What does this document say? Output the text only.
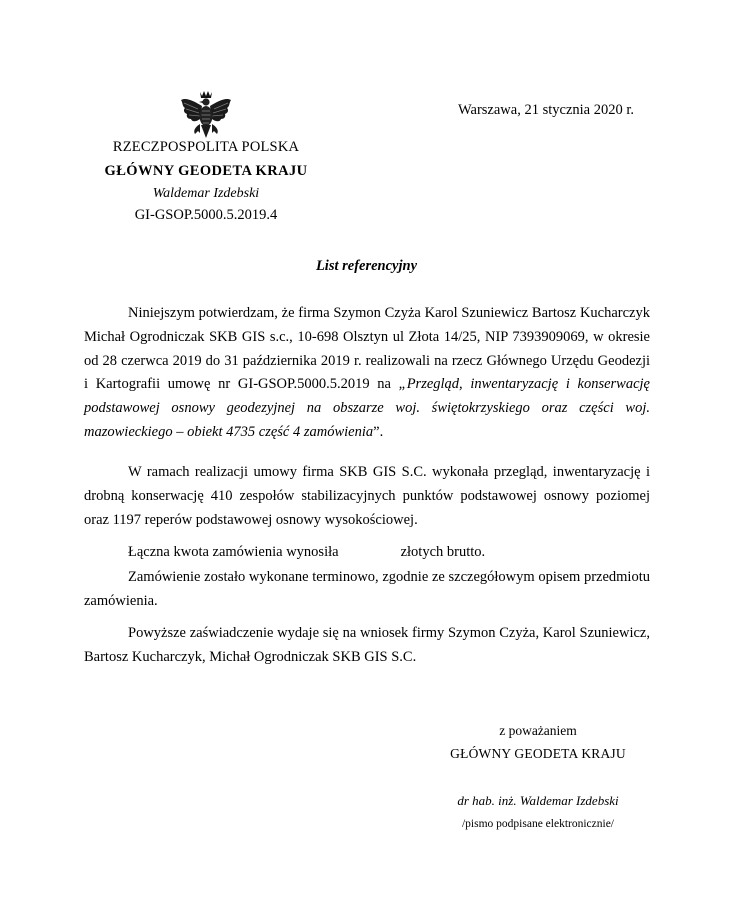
Warszawa, 21 stycznia 2020 r.
RZECZPOSPOLITA POLSKA
GŁÓWNY GEODETA KRAJU
Waldemar Izdebski
GI-GSOP.5000.5.2019.4
List referencyjny

Niniejszym potwierdzam, że firma Szymon Czyża Karol Szuniewicz Bartosz Kucharczyk Michał Ogrodniczak SKB GIS s.c., 10-698 Olsztyn ul Złota 14/25, NIP 7393909069, w okresie od 28 czerwca 2019 do 31 października 2019 r. realizowali na rzecz Głównego Urzędu Geodezji i Kartografii umowę nr GI-GSOP.5000.5.2019 na „Przegląd, inwentaryzację i konserwację podstawowej osnowy geodezyjnej na obszarze woj. świętokrzyskiego oraz części woj. mazowieckiego – obiekt 4735 część 4 zamówienia”.

W ramach realizacji umowy firma SKB GIS S.C. wykonała przegląd, inwentaryzację i drobną konserwację 410 zespołów stabilizacyjnych punktów podstawowej osnowy poziomej oraz 1197 reperów podstawowej osnowy wysokościowej.

Łączna kwota zamówienia wynosiła	złotych brutto.

Zamówienie zostało wykonane terminowo, zgodnie ze szczegółowym opisem przedmiotu zamówienia.

Powyższe zaświadczenie wydaje się na wniosek firmy Szymon Czyża, Karol Szuniewicz, Bartosz Kucharczyk, Michał Ogrodniczak SKB GIS S.C.

z poważaniem
GŁÓWNY GEODETA KRAJU
dr hab. inż. Waldemar Izdebski
/pismo podpisane elektronicznie/
